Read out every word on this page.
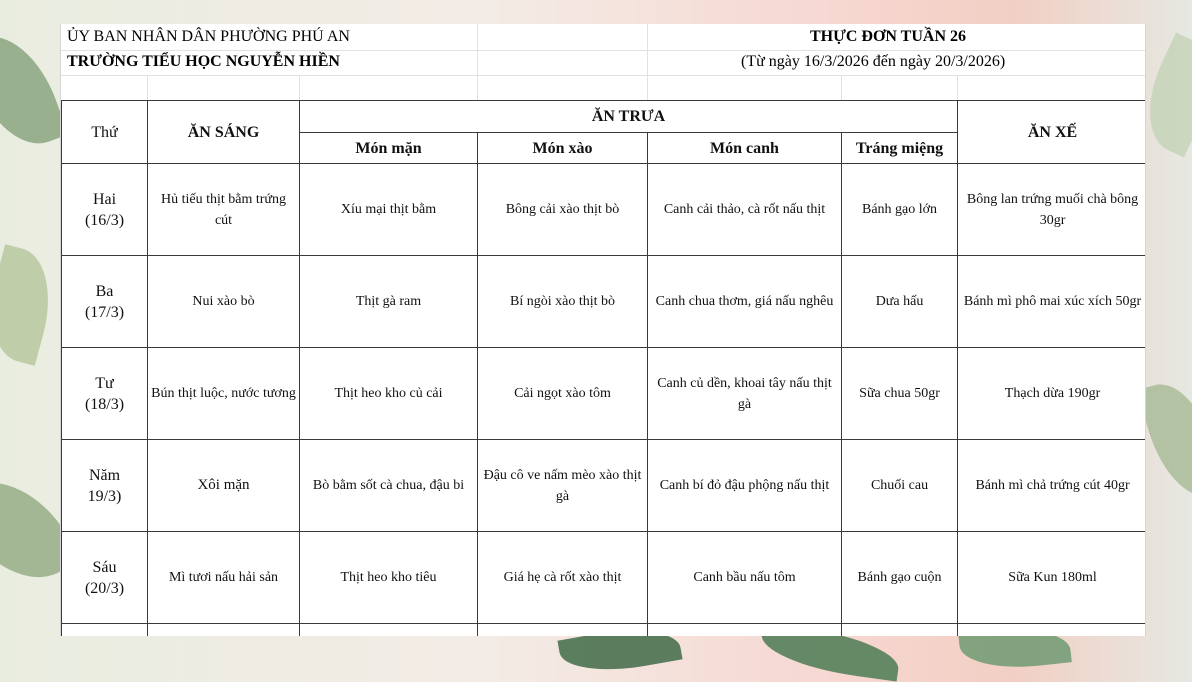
ỦY BAN NHÂN DÂN PHƯỜNG PHÚ AN
TRƯỜNG TIỂU HỌC NGUYỄN HIỀN
THỰC ĐƠN TUẦN 26
(Từ ngày 16/3/2026 đến ngày 20/3/2026)
Thứ	ĂN SÁNG	ĂN TRƯA				ĂN XẾ
		Món mặn	Món xào	Món canh	Tráng miệng	
Hai
(16/3)	Hủ tiếu thịt bằm trứng cút	Xíu mại thịt bằm	Bông cải xào thịt bò	Canh cải thảo, cà rốt nấu thịt	Bánh gạo lớn	Bông lan trứng muối chà bông 30gr
Ba
(17/3)	Nui xào bò	Thịt gà ram	Bí ngòi xào thịt bò	Canh chua thơm, giá nấu nghêu	Dưa hấu	Bánh mì phô mai xúc xích 50gr
Tư
(18/3)	Bún thịt luộc, nước tương	Thịt heo kho củ cải	Cải ngọt xào tôm	Canh củ dền, khoai tây nấu thịt gà	Sữa chua 50gr	Thạch dừa 190gr
Năm
19/3)	Xôi mặn	Bò bằm sốt cà chua, đậu bi	Đậu cô ve nấm mèo xào thịt gà	Canh bí đỏ đậu phộng nấu thịt	Chuối cau	Bánh mì chả trứng cút 40gr
Sáu
(20/3)	Mì tươi nấu hải sản	Thịt heo kho tiêu	Giá hẹ cà rốt xào thịt	Canh bầu nấu tôm	Bánh gạo cuộn	Sữa Kun 180ml
